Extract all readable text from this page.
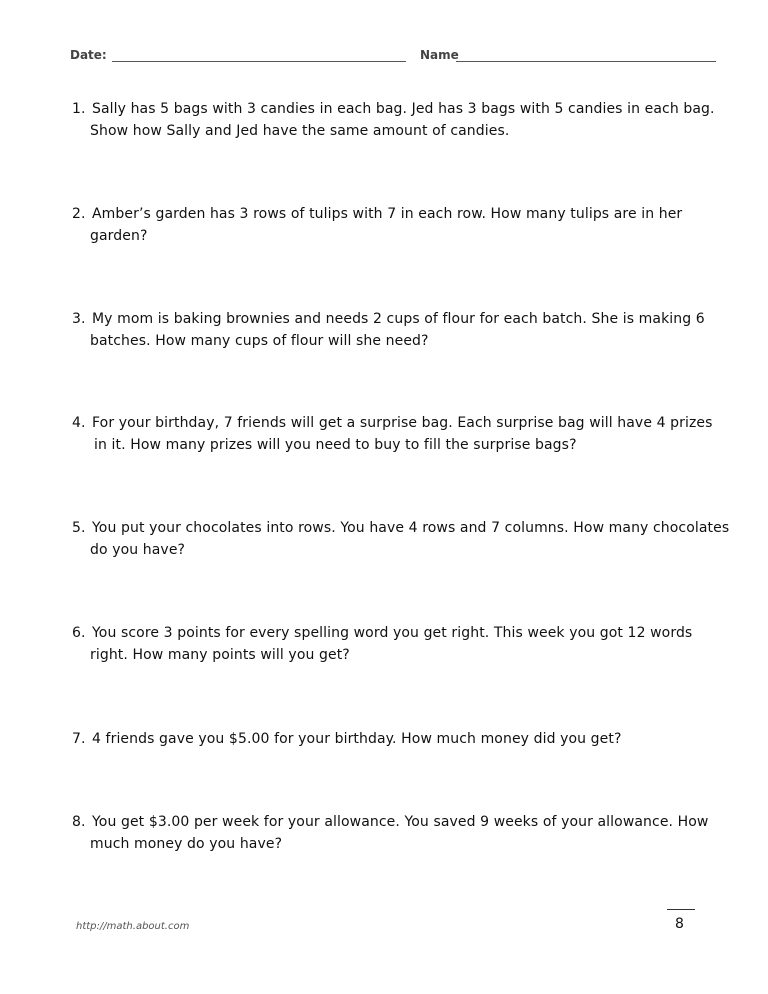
Date:	Name
1. Sally has 5 bags with 3 candies in each bag. Jed has 3 bags with 5 candies in each bag.
Show how Sally and Jed have the same amount of candies.
2. Amber’s garden has 3 rows of tulips with 7 in each row. How many tulips are in her
garden?
3. My mom is baking brownies and needs 2 cups of flour for each batch. She is making 6
batches. How many cups of flour will she need?
4. For your birthday, 7 friends will get a surprise bag. Each surprise bag will have 4 prizes
in it. How many prizes will you need to buy to fill the surprise bags?
5. You put your chocolates into rows. You have 4 rows and 7 columns. How many chocolates
do you have?
6. You score 3 points for every spelling word you get right. This week you got 12 words
right. How many points will you get?
7. 4 friends gave you $5.00 for your birthday. How much money did you get?
8. You get $3.00 per week for your allowance. You saved 9 weeks of your allowance. How
much money do you have?
http://math.about.com	8
